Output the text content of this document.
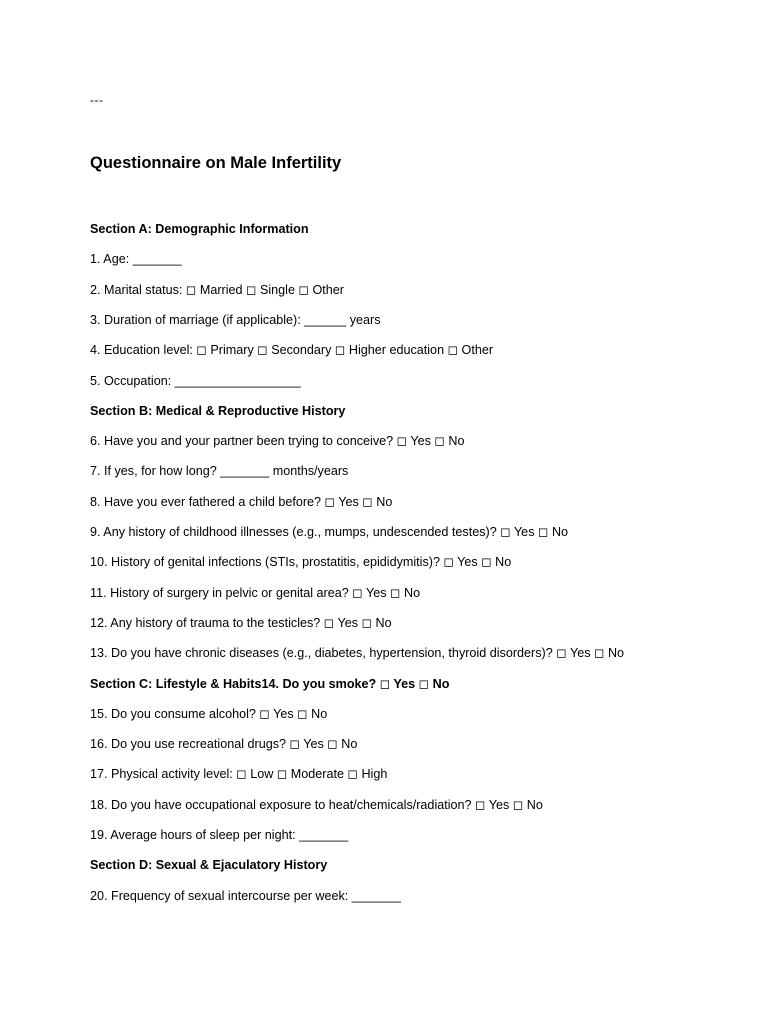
---
Questionnaire on Male Infertility
Section A: Demographic Information
1. Age: _______
2. Marital status: ◻ Married ◻ Single ◻ Other
3. Duration of marriage (if applicable): ______ years
4. Education level: ◻ Primary ◻ Secondary ◻ Higher education ◻ Other
5. Occupation: __________________
Section B: Medical & Reproductive History
6. Have you and your partner been trying to conceive? ◻ Yes ◻ No
7. If yes, for how long? _______ months/years
8. Have you ever fathered a child before? ◻ Yes ◻ No
9. Any history of childhood illnesses (e.g., mumps, undescended testes)? ◻ Yes ◻ No
10. History of genital infections (STIs, prostatitis, epididymitis)? ◻ Yes ◻ No
11. History of surgery in pelvic or genital area? ◻ Yes ◻ No
12. Any history of trauma to the testicles? ◻ Yes ◻ No
13. Do you have chronic diseases (e.g., diabetes, hypertension, thyroid disorders)? ◻ Yes ◻ No
Section C: Lifestyle & Habits14. Do you smoke? ◻ Yes ◻ No
15. Do you consume alcohol? ◻ Yes ◻ No
16. Do you use recreational drugs? ◻ Yes ◻ No
17. Physical activity level: ◻ Low ◻ Moderate ◻ High
18. Do you have occupational exposure to heat/chemicals/radiation? ◻ Yes ◻ No
19. Average hours of sleep per night: _______
Section D: Sexual & Ejaculatory History
20. Frequency of sexual intercourse per week: _______
